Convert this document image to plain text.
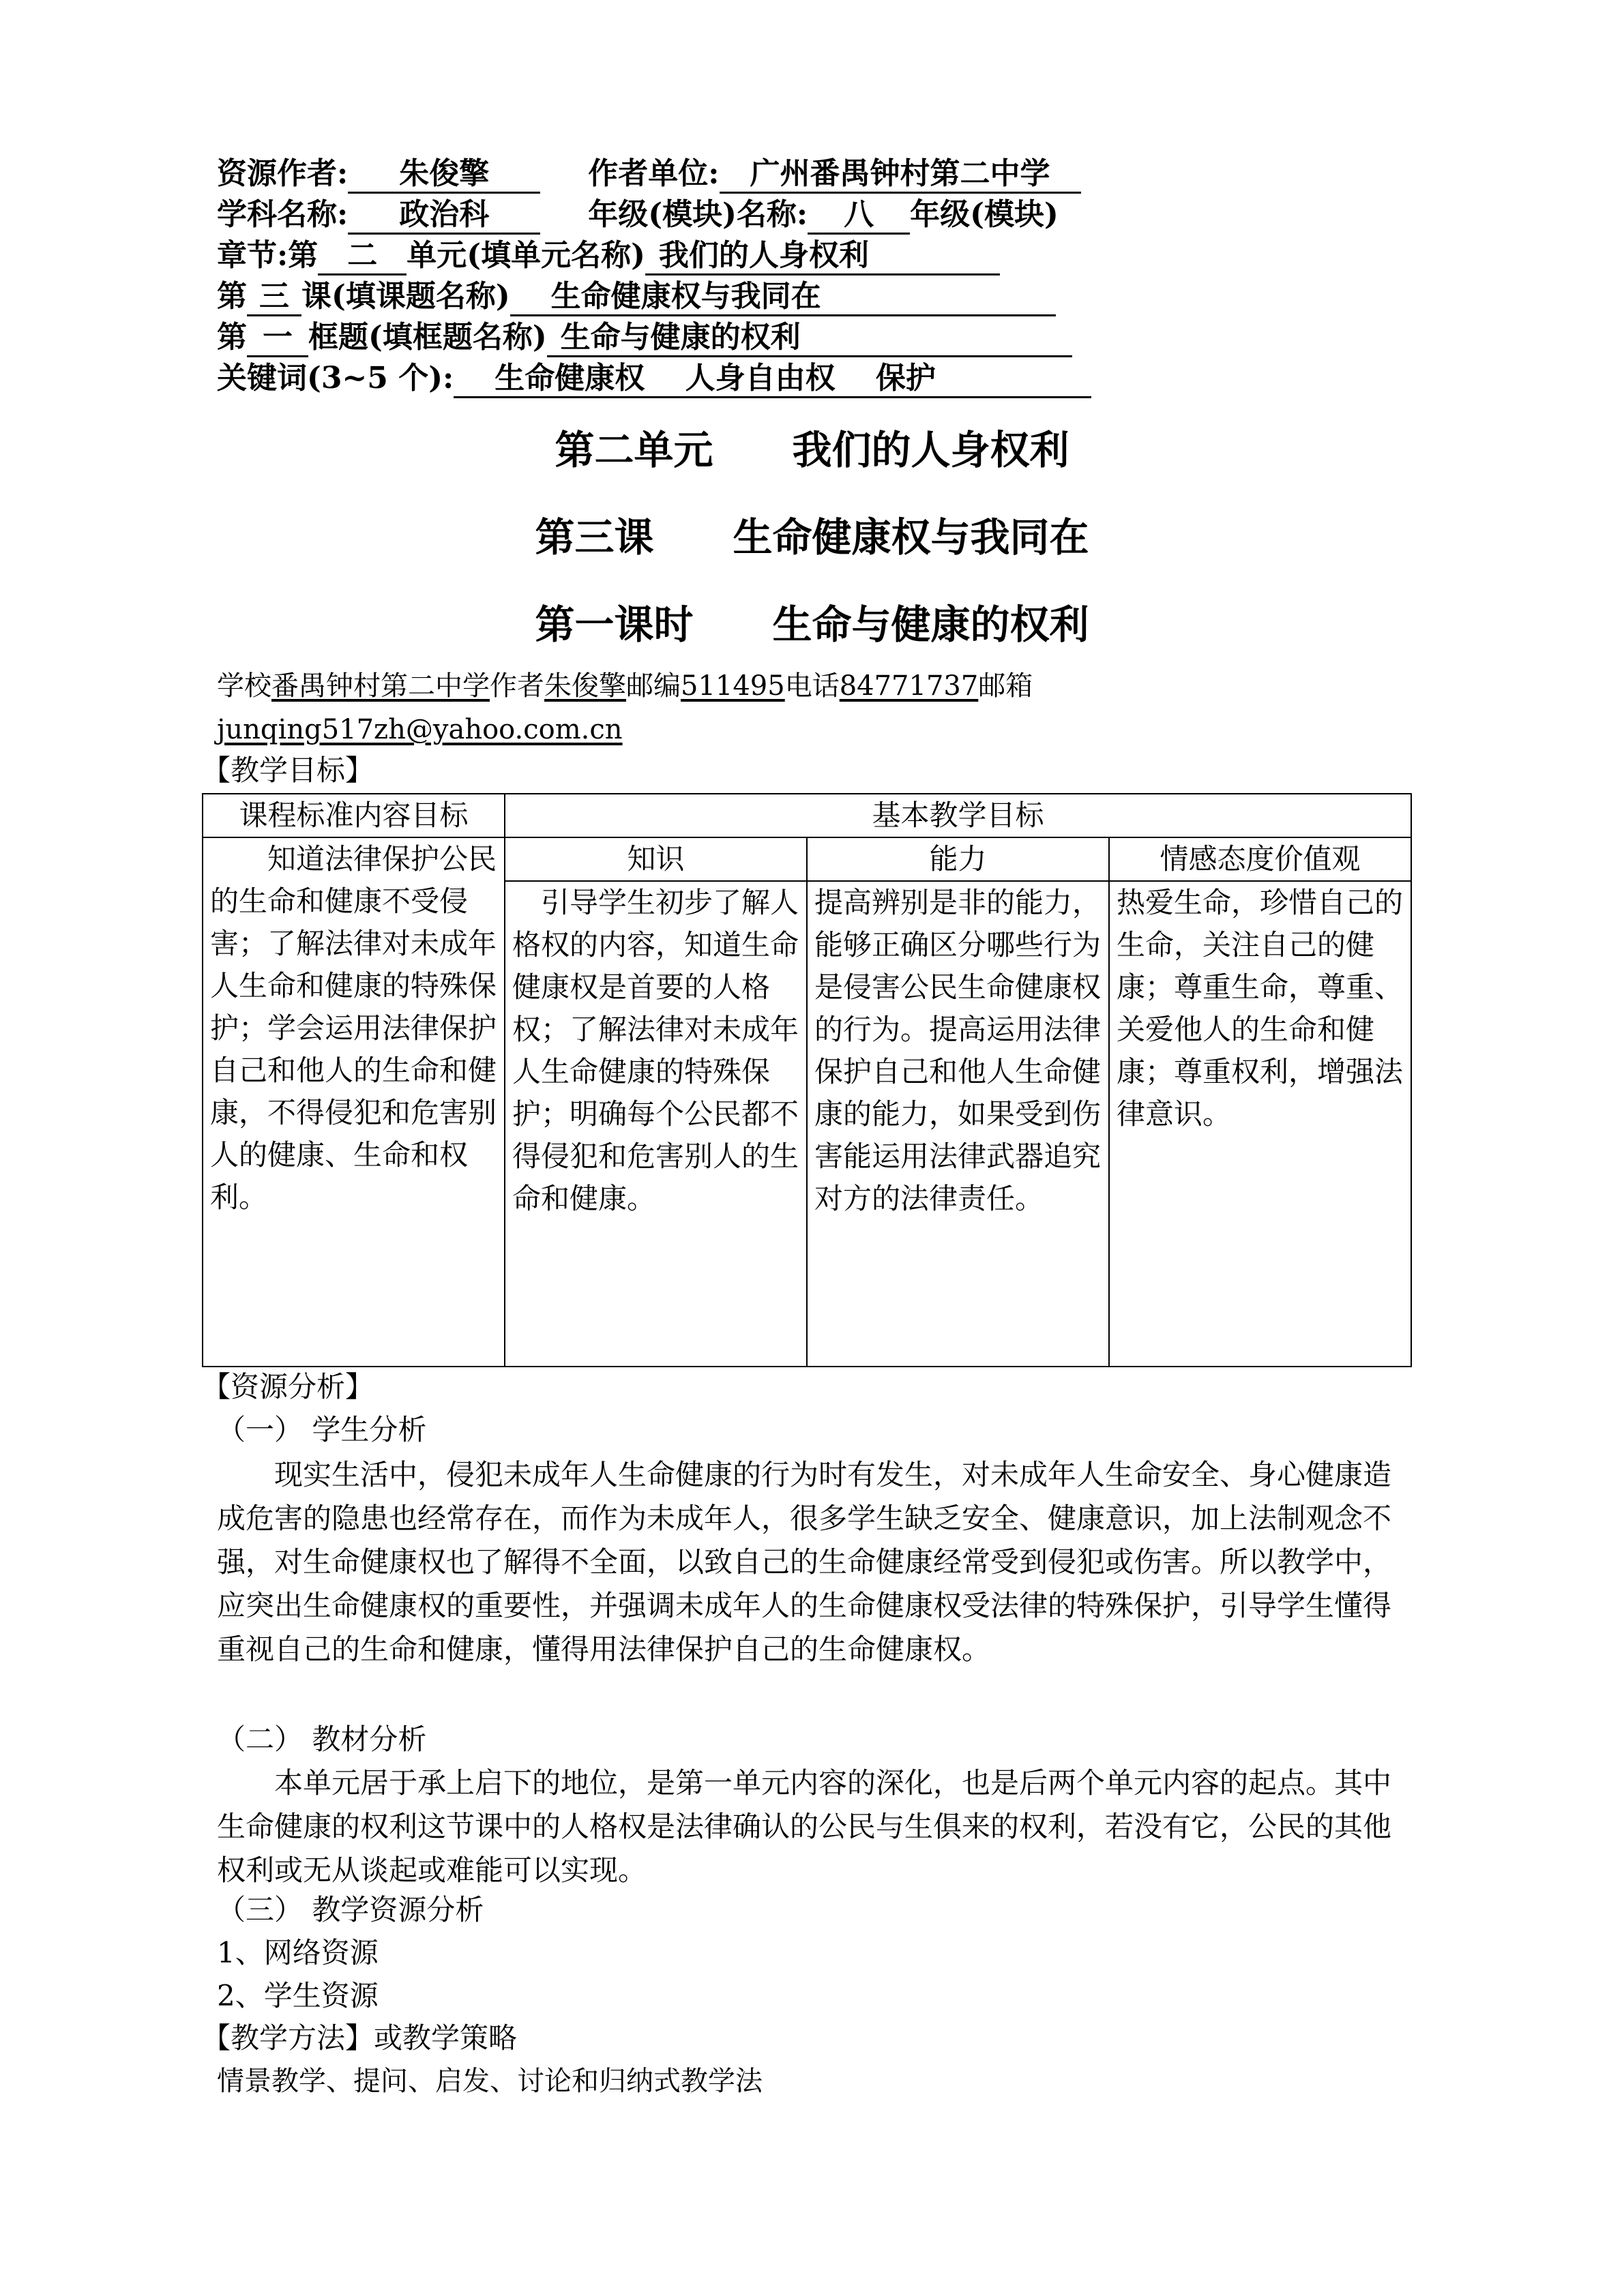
资源作者: 朱俊擎	作者单位: 广州番禺钟村第二中学
学科名称: 政治科	年级(模块)名称: 八 年级(模块)
章节:第 二 单元(填单元名称) 我们的人身权利
第 三 课(填课题名称) 生命健康权与我同在
第 一 框题(填框题名称) 生命与健康的权利
关键词(3~5 个): 生命健康权　 人身自由权　 保护
第二单元　　我们的人身权利
第三课　　生命健康权与我同在
第一课时　　生命与健康的权利
学校番禺钟村第二中学作者朱俊擎邮编511495电话84771737邮箱
junqing517zh@yahoo.com.cn
【教学目标】
课程标准内容目标	基本教学目标		

知道法律保护公民的生命和健康不受侵害；了解法律对未成年人生命和健康的特殊保护；学会运用法律保护自己和他人的生命和健康，不得侵犯和危害别人的健康、生命和权利。	知识	能力	情感态度价值观

	引导学生初步了解人格权的内容，知道生命健康权是首要的人格权；了解法律对未成年人生命健康的特殊保护；明确每个公民都不得侵犯和危害别人的生命和健康。	提高辨别是非的能力，能够正确区分哪些行为是侵害公民生命健康权的行为。提高运用法律保护自己和他人生命健康的能力，如果受到伤害能运用法律武器追究对方的法律责任。	热爱生命，珍惜自己的生命，关注自己的健康；尊重生命，尊重、关爱他人的生命和健康；尊重权利，增强法律意识。
【资源分析】
（一） 学生分析
现实生活中，侵犯未成年人生命健康的行为时有发生，对未成年人生命安全、身心健康造成危害的隐患也经常存在，而作为未成年人，很多学生缺乏安全、健康意识，加上法制观念不强，对生命健康权也了解得不全面，以致自己的生命健康经常受到侵犯或伤害。所以教学中，应突出生命健康权的重要性，并强调未成年人的生命健康权受法律的特殊保护，引导学生懂得重视自己的生命和健康，懂得用法律保护自己的生命健康权。
（二） 教材分析
本单元居于承上启下的地位，是第一单元内容的深化，也是后两个单元内容的起点。其中生命健康的权利这节课中的人格权是法律确认的公民与生俱来的权利，若没有它，公民的其他权利或无从谈起或难能可以实现。
（三） 教学资源分析
1、网络资源
2、学生资源
【教学方法】或教学策略
情景教学、提问、启发、讨论和归纳式教学法
